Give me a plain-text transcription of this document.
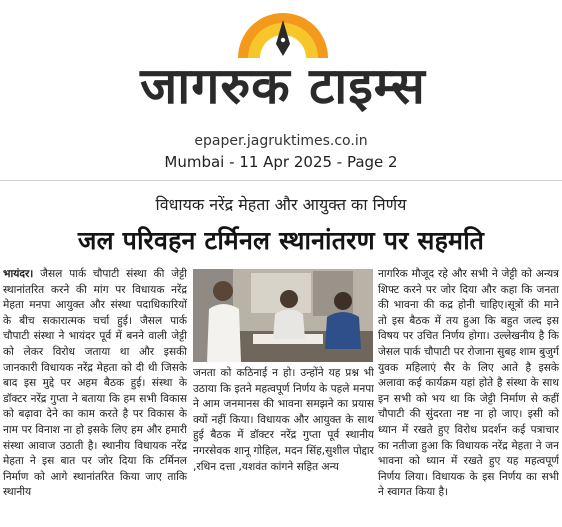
जागरुक टाइम्स
epaper.jagruktimes.co.in
Mumbai - 11 Apr 2025 - Page 2
विधायक नरेंद्र मेहता और आयुक्त का निर्णय
जल परिवहन टर्मिनल स्थानांतरण पर सहमति

भायंदर। जैसल पार्क चौपाटी संस्था की जेट्टी स्थानांतरित करने की मांग पर विधायक नरेंद्र मेहता मनपा आयुक्त और संस्था पदाधिकारियों के बीच सकारात्मक चर्चा हुई। जैसल पार्क चौपाटी संस्था ने भायंदर पूर्व में बनने वाली जेट्टी को लेकर विरोध जताया था और इसकी जानकारी विधायक नरेंद्र मेहता को दी थी जिसके बाद इस मुद्दे पर अहम बैठक हुई। संस्था के डॉक्टर नरेंद्र गुप्ता ने बताया कि हम सभी विकास को बढ़ावा देने का काम करते है पर विकास के नाम पर विनाश ना हो इसके लिए हम और हमारी संस्था आवाज उठाती है। स्थानीय विधायक नरेंद्र मेहता ने इस बात पर जोर दिया कि टर्मिनल निर्माण को आगे स्थानांतरित किया जाए ताकि स्थानीय

जनता को कठिनाई न हो। उन्होंने यह प्रश्न भी उठाया कि इतने महत्वपूर्ण निर्णय के पहले मनपा ने आम जनमानस की भावना समझने का प्रयास क्यों नहीं किया। विधायक और आयुक्त के साथ हुई बैठक में डॉक्टर नरेंद्र गुप्ता पूर्व स्थानीय नगरसेवक शानू गोहिल, मदन सिंह,सुशील पोद्दार ,रथिन दत्ता ,यशवंत कांगने सहित अन्य

नागरिक मौजूद रहे और सभी ने जेट्टी को अन्यत्र शिफ्ट करने पर जोर दिया और कहा कि जनता की भावना की कद्र होनी चाहिए।सूत्रों की माने तो इस बैठक में तय हुआ कि बहुत जल्द इस विषय पर उचित निर्णय होगा। उल्लेखनीय है कि जेसल पार्क चौपाटी पर रोजाना सुबह शाम बुजुर्ग युवक महिलाएं सैर के लिए आते है इसके अलावा कई कार्यक्रम यहां होते है संस्था के साथ इन सभी को भय था कि जेट्टी निर्माण से कहीं चौपाटी की सुंदरता नष्ट ना हो जाए। इसी को ध्यान में रखते हुए विरोध प्रदर्शन कई पत्राचार का नतीजा हुआ कि विधायक नरेंद्र मेहता ने जन भावना को ध्यान में रखते हुए यह महत्वपूर्ण निर्णय लिया। विधायक के इस निर्णय का सभी ने स्वागत किया है।
